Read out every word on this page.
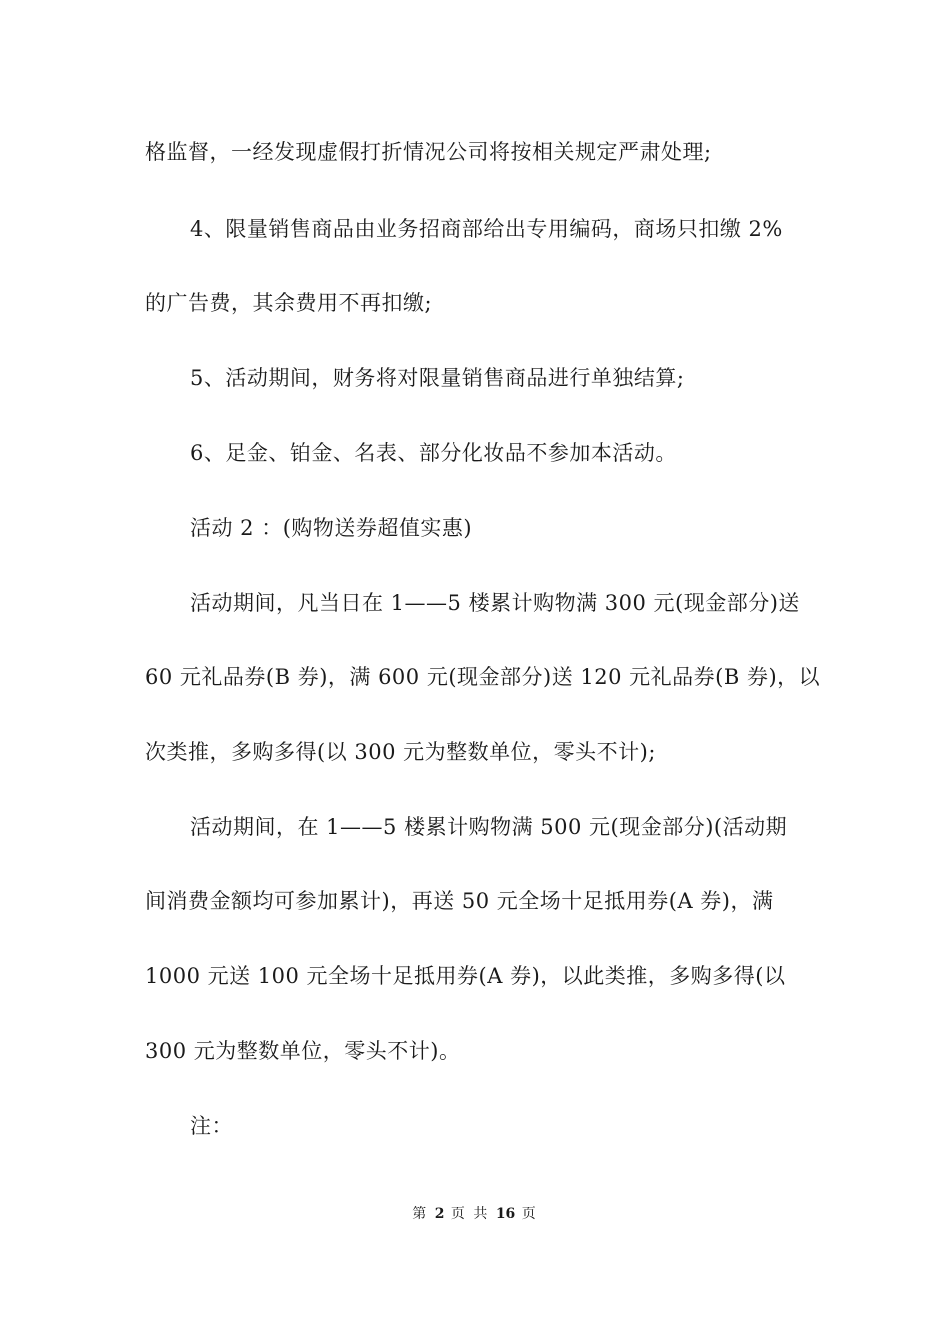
格监督，一经发现虚假打折情况公司将按相关规定严肃处理;
4、限量销售商品由业务招商部给出专用编码，商场只扣缴 2%
的广告费，其余费用不再扣缴;
5、活动期间，财务将对限量销售商品进行单独结算;
6、足金、铂金、名表、部分化妆品不参加本活动。
活动 2 ：(购物送券超值实惠)
活动期间，凡当日在 1——5 楼累计购物满 300 元(现金部分)送
60 元礼品券(B 券)，满 600 元(现金部分)送 120 元礼品券(B 券)，以
次类推，多购多得(以 300 元为整数单位，零头不计);
活动期间，在 1——5 楼累计购物满 500 元(现金部分)(活动期
间消费金额均可参加累计)，再送 50 元全场十足抵用券(A 券)，满
1000 元送 100 元全场十足抵用券(A 券)，以此类推，多购多得(以
300 元为整数单位，零头不计)。
注：
第 2 页 共 16 页
